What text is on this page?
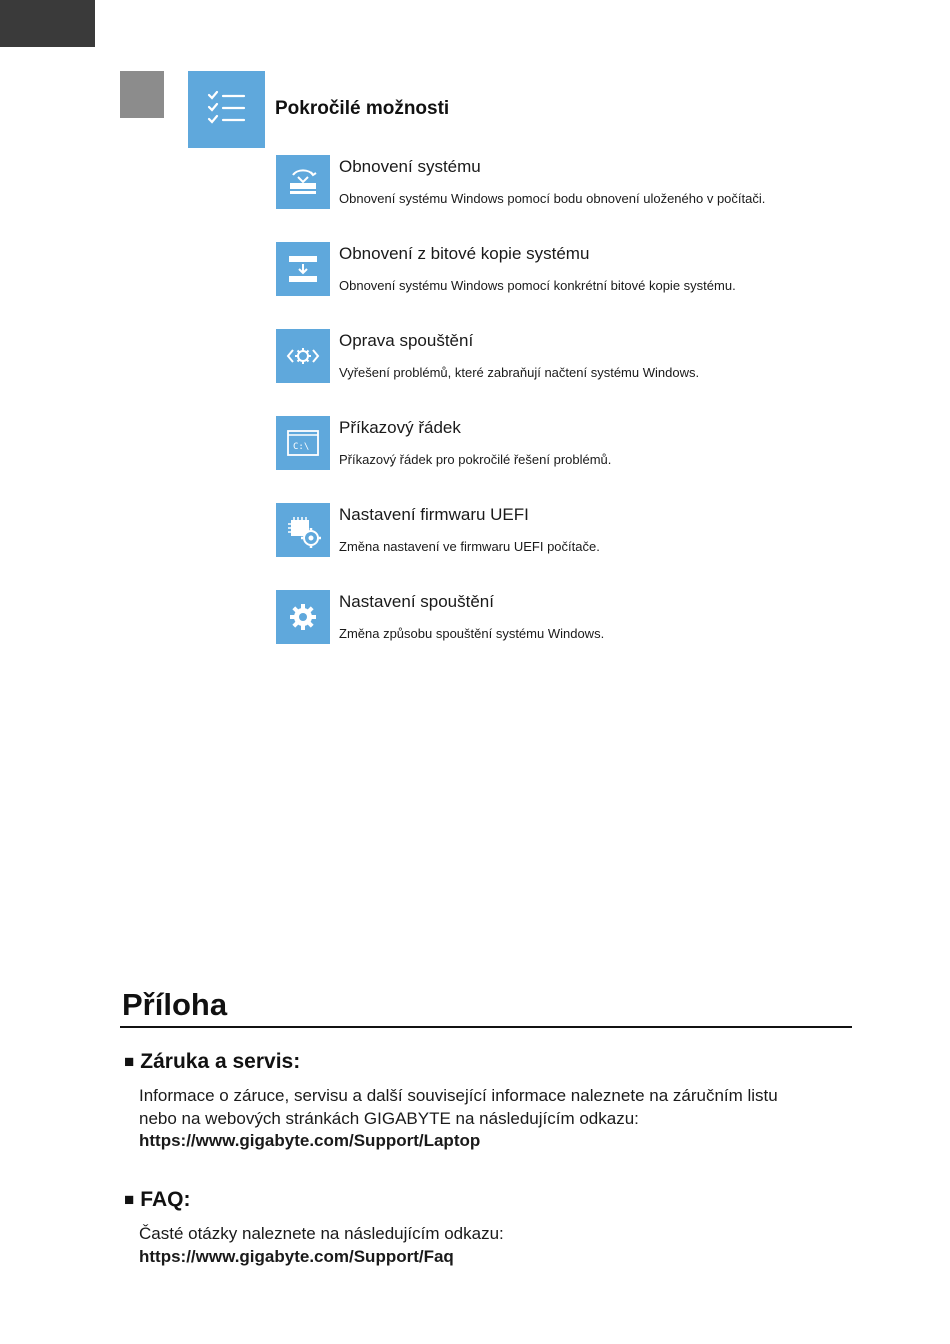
Pokročilé možnosti
Obnovení systému
Obnovení systému Windows pomocí bodu obnovení uloženého v počítači.
Obnovení z bitové kopie systému
Obnovení systému Windows pomocí konkrétní bitové kopie systému.
Oprava spouštění
Vyřešení problémů, které zabraňují načtení systému Windows.
C:\
Příkazový řádek
Příkazový řádek pro pokročilé řešení problémů.
Nastavení firmwaru UEFI
Změna nastavení ve firmwaru UEFI počítače.
Nastavení spouštění
Změna způsobu spouštění systému Windows.
Příloha
■ Záruka a servis:
Informace o záruce, servisu a další související informace naleznete na záručním listu
nebo na webových stránkách GIGABYTE na následujícím odkazu:
https://www.gigabyte.com/Support/Laptop
■ FAQ:
Časté otázky naleznete na následujícím odkazu:
https://www.gigabyte.com/Support/Faq
